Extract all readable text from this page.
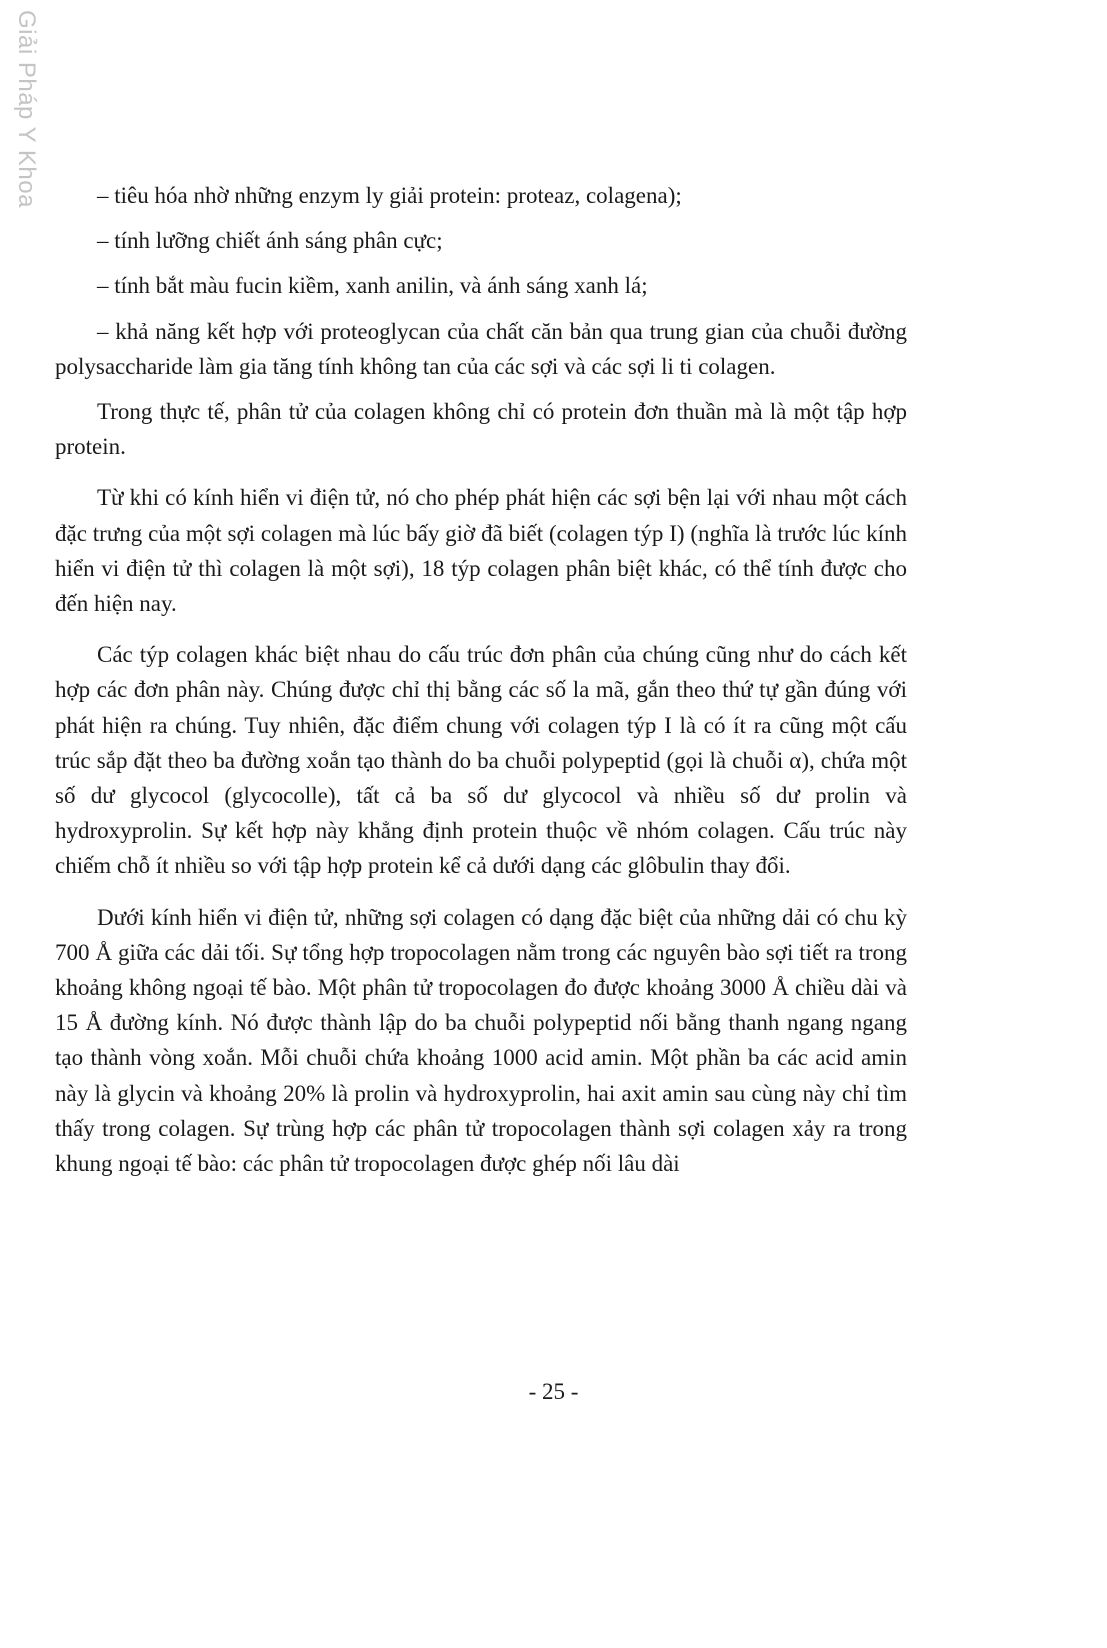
Giải Pháp Y Khoa	– tiêu hóa nhờ những enzym ly giải protein: proteaz, colagena);

– tính lưỡng chiết ánh sáng phân cực;

– tính bắt màu fucin kiềm, xanh anilin, và ánh sáng xanh lá;

– khả năng kết hợp với proteoglycan của chất căn bản qua trung gian của chuỗi đường polysaccharide làm gia tăng tính không tan của các sợi và các sợi li ti colagen.

Trong thực tế, phân tử của colagen không chỉ có protein đơn thuần mà là một tập hợp protein.

Từ khi có kính hiển vi điện tử, nó cho phép phát hiện các sợi bện lại với nhau một cách đặc trưng của một sợi colagen mà lúc bấy giờ đã biết (colagen týp I) (nghĩa là trước lúc kính hiển vi điện tử thì colagen là một sợi), 18 týp colagen phân biệt khác, có thể tính được cho đến hiện nay.

Các týp colagen khác biệt nhau do cấu trúc đơn phân của chúng cũng như do cách kết hợp các đơn phân này. Chúng được chỉ thị bằng các số la mã, gắn theo thứ tự gần đúng với phát hiện ra chúng. Tuy nhiên, đặc điểm chung với colagen týp I là có ít ra cũng một cấu trúc sắp đặt theo ba đường xoắn tạo thành do ba chuỗi polypeptid (gọi là chuỗi α), chứa một số dư glycocol (glycocolle), tất cả ba số dư glycocol và nhiều số dư prolin và hydroxyprolin. Sự kết hợp này khẳng định protein thuộc về nhóm colagen. Cấu trúc này chiếm chỗ ít nhiều so với tập hợp protein kể cả dưới dạng các glôbulin thay đổi.

Dưới kính hiển vi điện tử, những sợi colagen có dạng đặc biệt của những dải có chu kỳ 700 Å giữa các dải tối. Sự tổng hợp tropocolagen nằm trong các nguyên bào sợi tiết ra trong khoảng không ngoại tế bào. Một phân tử tropocolagen đo được khoảng 3000 Å chiều dài và 15 Å đường kính. Nó được thành lập do ba chuỗi polypeptid nối bằng thanh ngang ngang tạo thành vòng xoắn. Mỗi chuỗi chứa khoảng 1000 acid amin. Một phần ba các acid amin này là glycin và khoảng 20% là prolin và hydroxyprolin, hai axit amin sau cùng này chỉ tìm thấy trong colagen. Sự trùng hợp các phân tử tropocolagen thành sợi colagen xảy ra trong khung ngoại tế bào: các phân tử tropocolagen được ghép nối lâu dài

- 25 -
